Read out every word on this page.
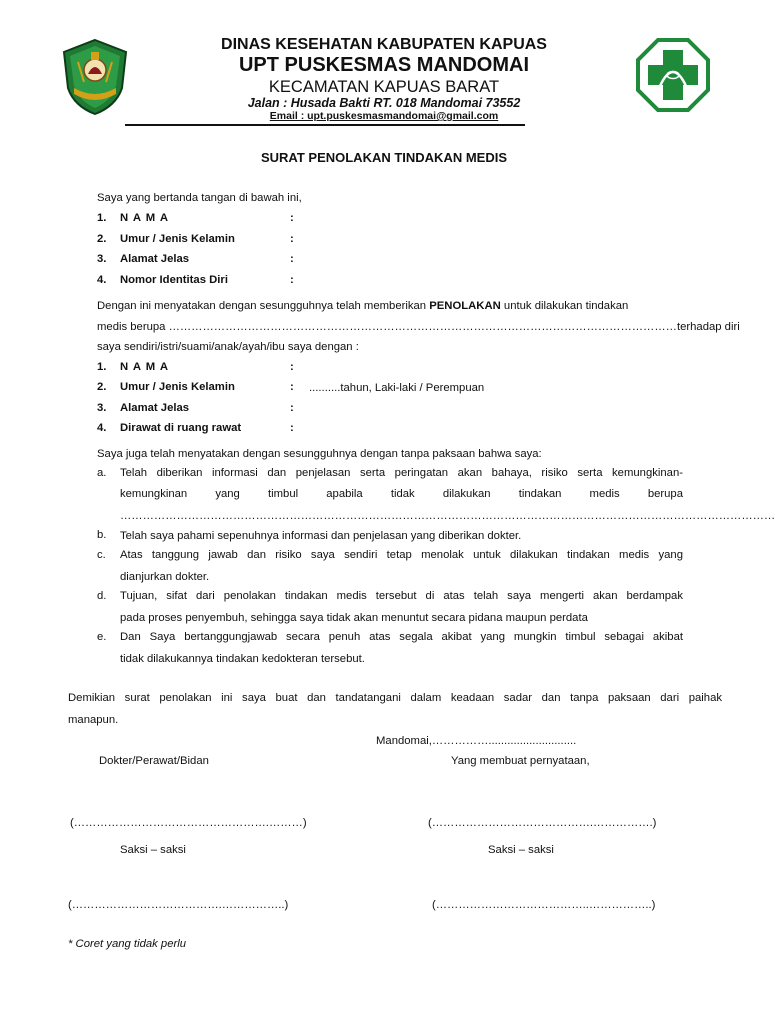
DINAS KESEHATAN KABUPATEN KAPUAS
UPT PUSKESMAS MANDOMAI
KECAMATAN KAPUAS BARAT
Jalan : Husada Bakti RT. 018 Mandomai 73552
Email : upt.puskesmasmandomai@gmail.com
SURAT PENOLAKAN TINDAKAN MEDIS
Saya yang bertanda tangan di bawah ini,
1. N A M A	:
2. Umur / Jenis Kelamin	:
3. Alamat Jelas	:
4. Nomor Identitas Diri	:
Dengan ini menyatakan dengan sesungguhnya telah memberikan PENOLAKAN untuk dilakukan tindakan
medis berupa ………………………………………………………………………………………………………………………terhadap diri
saya sendiri/istri/suami/anak/ayah/ibu saya dengan :
1. N A M A	:
2. Umur / Jenis Kelamin	: ..........tahun, Laki-laki / Perempuan
3. Alamat Jelas	:
4. Dirawat di ruang rawat	:
Saya juga telah menyatakan dengan sesungguhnya dengan tanpa paksaan bahwa saya:
a. Telah diberikan informasi dan penjelasan serta peringatan akan bahaya, risiko serta kemungkinan-
kemungkinan yang timbul apabila tidak dilakukan tindakan medis berupa
…………………………………………………………………………………………………………………………………………………………
b. Telah saya pahami sepenuhnya informasi dan penjelasan yang diberikan dokter.
c. Atas tanggung jawab dan risiko saya sendiri tetap menolak untuk dilakukan tindakan medis yang
dianjurkan dokter.
d. Tujuan, sifat dari penolakan tindakan medis tersebut di atas telah saya mengerti akan berdampak
pada proses penyembuh, sehingga saya tidak akan menuntut secara pidana maupun perdata
e. Dan Saya bertanggungjawab secara penuh atas segala akibat yang mungkin timbul sebagai akibat
tidak dilakukannya tindakan kedokteran tersebut.
Demikian surat penolakan ini saya buat dan tandatangani dalam keadaan sadar dan tanpa paksaan dari paihak
manapun.
Mandomai,……………............................
Dokter/Perawat/Bidan	Yang membuat pernyataan,
(…………………………………………….………)	(…………………………………….…………….)
Saksi – saksi	Saksi – saksi
(………………………………….……………..)	(…………………………………..……………..)
* Coret yang tidak perlu
